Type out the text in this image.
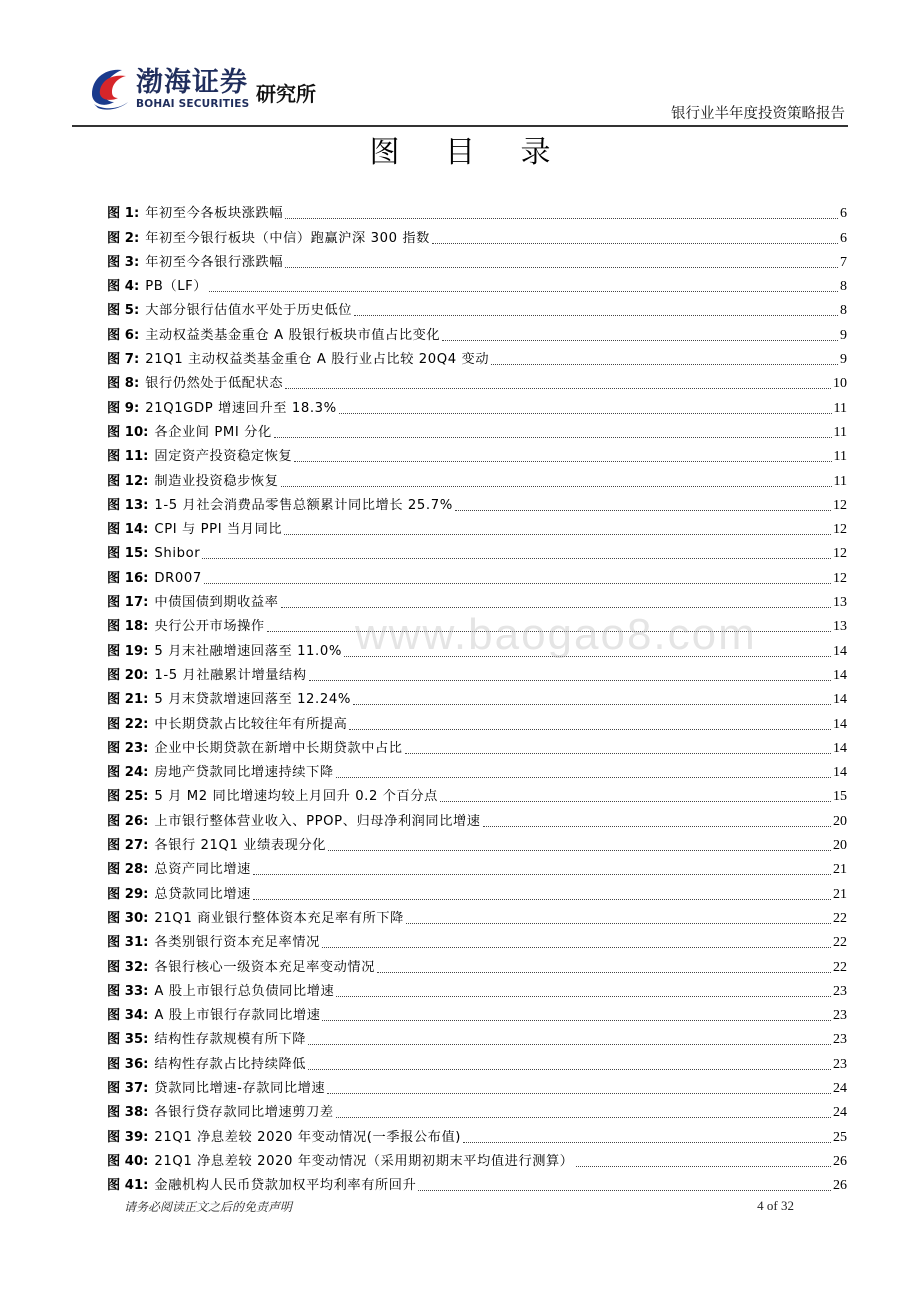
渤海证券
BOHAI SECURITIES 研究所
银行业半年度投资策略报告
图 目 录
图 1: 年初至今各板块涨跌幅	6
图 2: 年初至今银行板块（中信）跑赢沪深 300 指数	6
图 3: 年初至今各银行涨跌幅	7
图 4: PB（LF）	8
图 5: 大部分银行估值水平处于历史低位	8
图 6: 主动权益类基金重仓 A 股银行板块市值占比变化	9
图 7: 21Q1 主动权益类基金重仓 A 股行业占比较 20Q4 变动	9
图 8: 银行仍然处于低配状态	10
图 9: 21Q1GDP 增速回升至 18.3%	11
图 10: 各企业间 PMI 分化	11
图 11: 固定资产投资稳定恢复	11
图 12: 制造业投资稳步恢复	11
图 13: 1-5 月社会消费品零售总额累计同比增长 25.7%	12
图 14: CPI 与 PPI 当月同比	12
图 15: Shibor	12
图 16: DR007	12
图 17: 中债国债到期收益率	13
图 18: 央行公开市场操作	13
图 19: 5 月末社融增速回落至 11.0%	14
图 20: 1-5 月社融累计增量结构	14
图 21: 5 月末贷款增速回落至 12.24%	14
图 22: 中长期贷款占比较往年有所提高	14
图 23: 企业中长期贷款在新增中长期贷款中占比	14
图 24: 房地产贷款同比增速持续下降	14
图 25: 5 月 M2 同比增速均较上月回升 0.2 个百分点	15
图 26: 上市银行整体营业收入、PPOP、归母净利润同比增速	20
图 27: 各银行 21Q1 业绩表现分化	20
图 28: 总资产同比增速	21
图 29: 总贷款同比增速	21
图 30: 21Q1 商业银行整体资本充足率有所下降	22
图 31: 各类别银行资本充足率情况	22
图 32: 各银行核心一级资本充足率变动情况	22
图 33: A 股上市银行总负债同比增速	23
图 34: A 股上市银行存款同比增速	23
图 35: 结构性存款规模有所下降	23
图 36: 结构性存款占比持续降低	23
图 37: 贷款同比增速-存款同比增速	24
图 38: 各银行贷存款同比增速剪刀差	24
图 39: 21Q1 净息差较 2020 年变动情况(一季报公布值)	25
图 40: 21Q1 净息差较 2020 年变动情况（采用期初期末平均值进行测算）	26
图 41: 金融机构人民币贷款加权平均利率有所回升	26
www.baogao8.com
请务必阅读正文之后的免责声明	4 of 32
